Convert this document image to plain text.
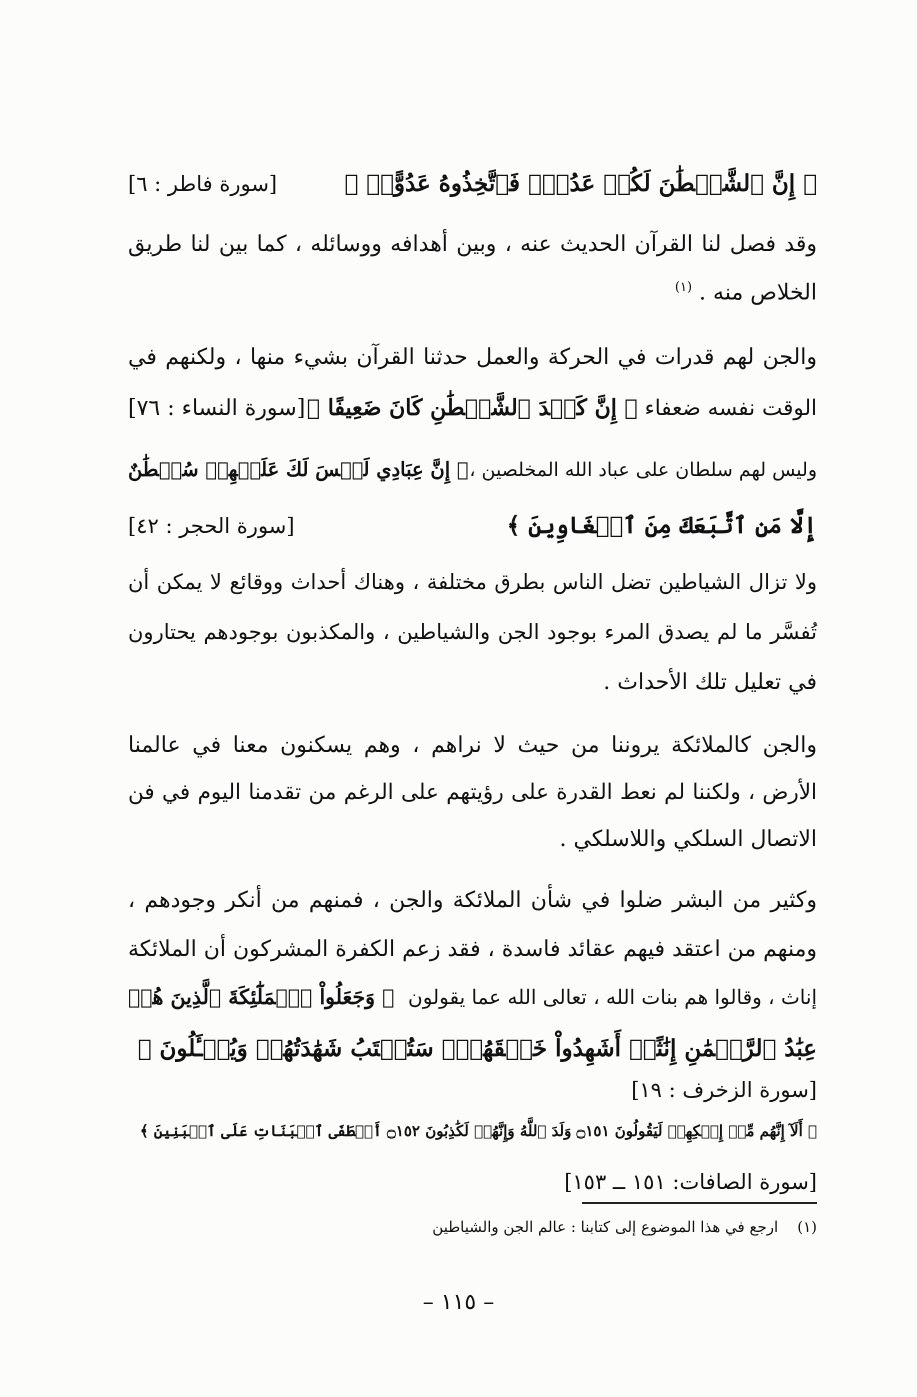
﴿ إِنَّ ٱلشَّيۡطَٰنَ لَكُمۡ عَدُوّٞ فَٱتَّخِذُوهُ عَدُوًّاۚ ﴾
[سورة فاطر : ٦]
وقد فصل لنا القرآن الحديث عنه ، وبين أهدافه ووسائله ، كما بين لنا طريق
الخلاص منه . $^{(١)}$
والجن لهم قدرات في الحركة والعمل حدثنا القرآن بشيء منها ، ولكنهم في
الوقت نفسه ضعفاء ﴿ إِنَّ كَيۡدَ ٱلشَّيۡطَٰنِ كَانَ ضَعِيفًا ﴾
[سورة النساء : ٧٦]
وليس لهم سلطان على عباد الله المخلصين ،
﴿ إِنَّ عِبَادِي لَيۡسَ لَكَ عَلَيۡهِمۡ سُلۡطَٰنٌ
إِلَّا مَنِ ٱتَّبَعَكَ مِنَ ٱلۡغَاوِينَ ﴾
[سورة الحجر : ٤٢]
ولا تزال الشياطين تضل الناس بطرق مختلفة ، وهناك أحداث ووقائع لا يمكن أن
تُفسَّر ما لم يصدق المرء بوجود الجن والشياطين ، والمكذبون بوجودهم يحتارون
في تعليل تلك الأحداث .
والجن كالملائكة يروننا من حيث لا نراهم ، وهم يسكنون معنا في عالمنا
الأرض ، ولكننا لم نعط القدرة على رؤيتهم على الرغم من تقدمنا اليوم في فن
الاتصال السلكي واللاسلكي .
وكثير من البشر ضلوا في شأن الملائكة والجن ، فمنهم من أنكر وجودهم ،
ومنهم من اعتقد فيهم عقائد فاسدة ، فقد زعم الكفرة المشركون أن الملائكة
إناث ، وقالوا هم بنات الله ، تعالى الله عما يقولون
﴿ وَجَعَلُواْ ٱلۡمَلَٰٓئِكَةَ ٱلَّذِينَ هُمۡ
عِبَٰدُ ٱلرَّحۡمَٰنِ إِنَٰثًاۚ أَشَهِدُواْ خَلۡقَهُمۡۚ سَتُكۡتَبُ شَهَٰدَتُهُمۡ وَيُسۡـَٔلُونَ ﴾
[سورة الزخرف : ١٩]
﴿ أَلَآ إِنَّهُم مِّنۡ إِفۡكِهِمۡ لَيَقُولُونَ ۝١٥١ وَلَدَ ٱللَّهُ وَإِنَّهُمۡ لَكَٰذِبُونَ ۝١٥٢ أَصۡطَفَى ٱلۡبَنَاتِ عَلَى ٱلۡبَنِينَ ﴾
[سورة الصافات: ١٥١ ــ ١٥٣]
(١)    ارجع في هذا الموضوع إلى كتابنا : عالم الجن والشياطين
– ١١٥ –
